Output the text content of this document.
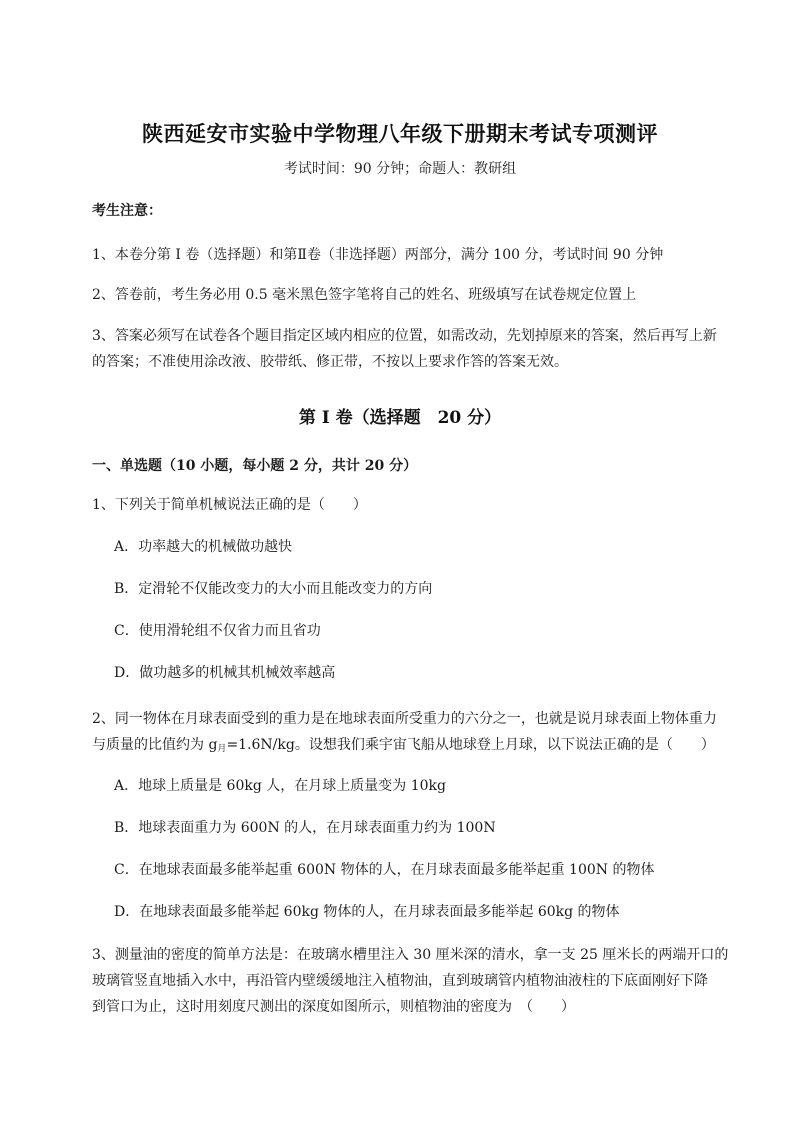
陕西延安市实验中学物理八年级下册期末考试专项测评
考试时间：90 分钟；命题人：教研组
考生注意：
1、本卷分第 I 卷（选择题）和第Ⅱ卷（非选择题）两部分，满分 100 分，考试时间 90 分钟
2、答卷前，考生务必用 0.5 毫米黑色签字笔将自己的姓名、班级填写在试卷规定位置上
3、答案必须写在试卷各个题目指定区域内相应的位置，如需改动，先划掉原来的答案，然后再写上新
的答案；不准使用涂改液、胶带纸、修正带，不按以上要求作答的答案无效。
第 I 卷（选择题　20 分）
一、单选题（10 小题，每小题 2 分，共计 20 分）
1、下列关于简单机械说法正确的是（　　）
A．功率越大的机械做功越快
B．定滑轮不仅能改变力的大小而且能改变力的方向
C．使用滑轮组不仅省力而且省功
D．做功越多的机械其机械效率越高
2、同一物体在月球表面受到的重力是在地球表面所受重力的六分之一，也就是说月球表面上物体重力
与质量的比值约为 $g_月=1.6N/kg$。设想我们乘宇宙飞船从地球登上月球，以下说法正确的是（　　）
A．地球上质量是 60kg 人，在月球上质量变为 10kg
B．地球表面重力为 600N 的人，在月球表面重力约为 100N
C．在地球表面最多能举起重 600N 物体的人，在月球表面最多能举起重 100N 的物体
D．在地球表面最多能举起 60kg 物体的人，在月球表面最多能举起 60kg 的物体
3、测量油的密度的简单方法是：在玻璃水槽里注入 30 厘米深的清水，拿一支 25 厘米长的两端开口的
玻璃管竖直地插入水中，再沿管内壁缓缓地注入植物油，直到玻璃管内植物油液柱的下底面刚好下降
到管口为止，这时用刻度尺测出的深度如图所示，则植物油的密度为　（　　）
